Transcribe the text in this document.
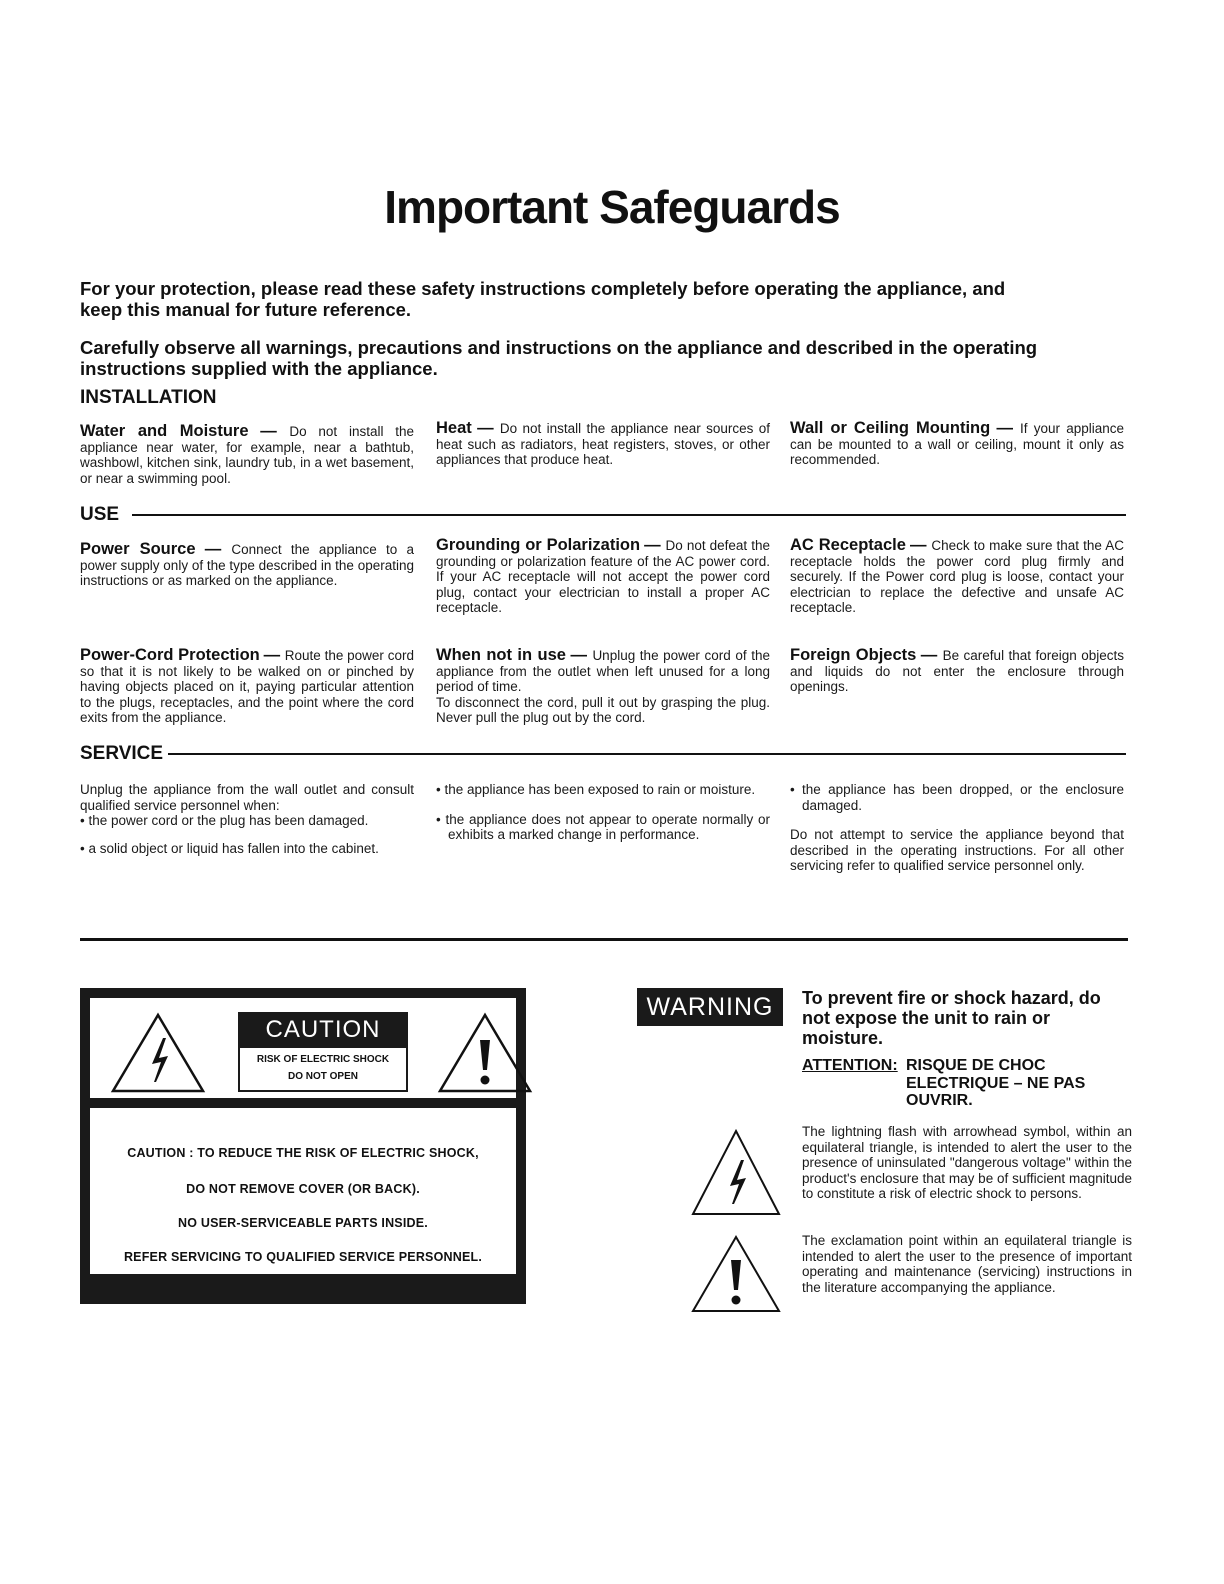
Important Safeguards
For your protection, please read these safety instructions completely before operating the appliance, and keep this manual for future reference.
Carefully observe all warnings, precautions and instructions on the appliance and described in the operating instructions supplied with the appliance.
INSTALLATION
Water and Moisture — Do not install the appliance near water, for example, near a bathtub, washbowl, kitchen sink, laundry tub, in a wet basement, or near a swimming pool.
Heat — Do not install the appliance near sources of heat such as radiators, heat registers, stoves, or other appliances that produce heat.
Wall or Ceiling Mounting — If your appliance can be mounted to a wall or ceiling, mount it only as recommended.
USE
Power Source — Connect the appliance to a power supply only of the type described in the operating instructions or as marked on the appliance.
Grounding or Polarization — Do not defeat the grounding or polarization feature of the AC power cord. If your AC receptacle will not accept the power cord plug, contact your electrician to install a proper AC receptacle.
AC Receptacle — Check to make sure that the AC receptacle holds the power cord plug firmly and securely. If the Power cord plug is loose, contact your electrician to replace the defective and unsafe AC receptacle.
Power-Cord Protection — Route the power cord so that it is not likely to be walked on or pinched by having objects placed on it, paying particular attention to the plugs, receptacles, and the point where the cord exits from the appliance.
When not in use — Unplug the power cord of the appliance from the outlet when left unused for a long period of time.
To disconnect the cord, pull it out by grasping the plug. Never pull the plug out by the cord.
Foreign Objects — Be careful that foreign objects and liquids do not enter the enclosure through openings.
SERVICE

Unplug the appliance from the wall outlet and consult qualified service personnel when:

• the power cord or the plug has been damaged.

• a solid object or liquid has fallen into the cabinet.

• the appliance has been exposed to rain or moisture.

• the appliance does not appear to operate normally or exhibits a marked change in performance.

• the appliance has been dropped, or the enclosure damaged.

Do not attempt to service the appliance beyond that described in the operating instructions. For all other servicing refer to qualified service personnel only.

CAUTION
RISK OF ELECTRIC SHOCK
DO NOT OPEN
CAUTION : TO REDUCE THE RISK OF ELECTRIC SHOCK,
DO NOT REMOVE COVER (OR BACK).
NO USER-SERVICEABLE PARTS INSIDE.
REFER SERVICING TO QUALIFIED SERVICE PERSONNEL.
WARNING	To prevent fire or shock hazard, do not expose the unit to rain or moisture.
ATTENTION: RISQUE DE CHOC ELECTRIQUE – NE PAS OUVRIR.
The lightning flash with arrowhead symbol, within an equilateral triangle, is intended to alert the user to the presence of uninsulated "dangerous voltage" within the product's enclosure that may be of sufficient magnitude to constitute a risk of electric shock to persons.
The exclamation point within an equilateral triangle is intended to alert the user to the presence of important operating and maintenance (servicing) instructions in the literature accompanying the appliance.
